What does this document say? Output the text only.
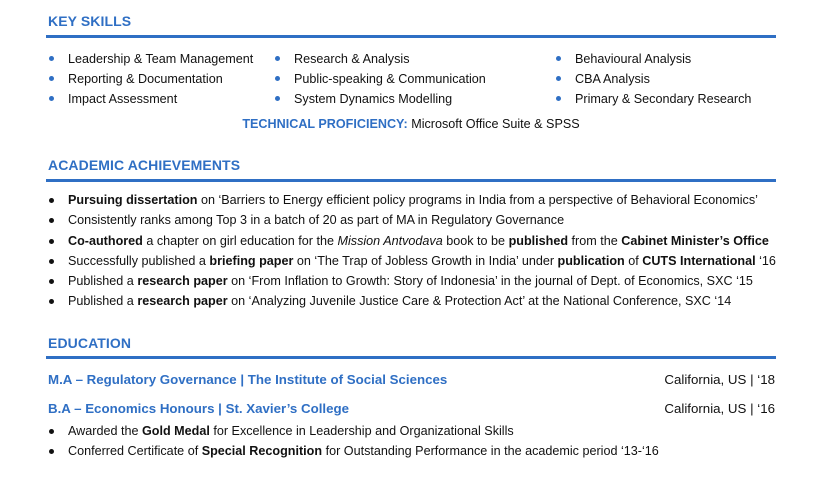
KEY SKILLS
Leadership & Team Management
Reporting & Documentation
Impact Assessment
Research & Analysis
Public-speaking & Communication
System Dynamics Modelling
Behavioural Analysis
CBA Analysis
Primary & Secondary Research
TECHNICAL PROFICIENCY: Microsoft Office Suite & SPSS
ACADEMIC ACHIEVEMENTS
Pursuing dissertation on ‘Barriers to Energy efficient policy programs in India from a perspective of Behavioral Economics’
Consistently ranks among Top 3 in a batch of 20 as part of MA in Regulatory Governance
Co-authored a chapter on girl education for the Mission Antvodava book to be published from the Cabinet Minister’s Office
Successfully published a briefing paper on ‘The Trap of Jobless Growth in India’ under publication of CUTS International ‘16
Published a research paper on ‘From Inflation to Growth: Story of Indonesia’ in the journal of Dept. of Economics, SXC ‘15
Published a research paper on ‘Analyzing Juvenile Justice Care & Protection Act’ at the National Conference, SXC ‘14
EDUCATION
M.A – Regulatory Governance | The Institute of Social Sciences	California, US | ‘18
B.A – Economics Honours | St. Xavier’s College	California, US | ‘16
Awarded the Gold Medal for Excellence in Leadership and Organizational Skills
Conferred Certificate of Special Recognition for Outstanding Performance in the academic period ‘13-‘16
